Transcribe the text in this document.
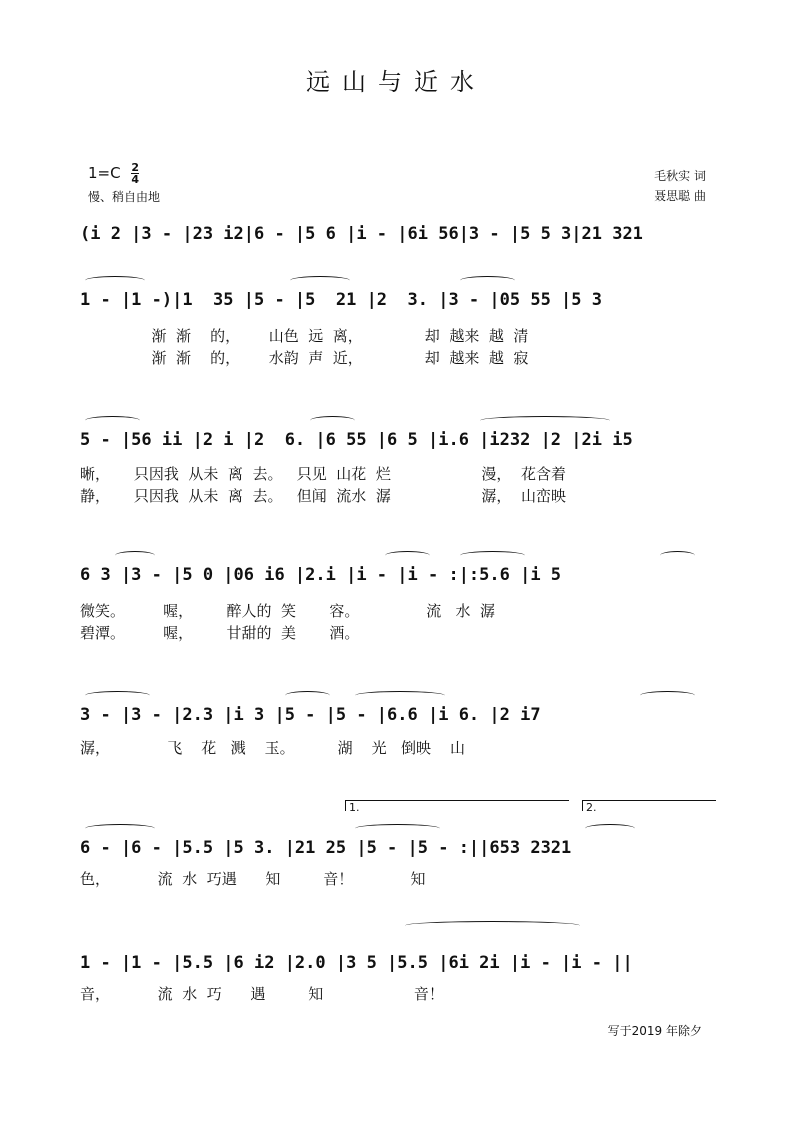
远山与近水
$1=C \frac{2}{4}$
慢、稍自由地
毛秋实 词
聂思聪 曲

(i 2 |3 - |23 i2|6 - |5 6 |i - |6i 56|3 - |5 5 3|21 321

1 - |1 -)|1  35 |5 - |5  21 |2  3. |3 - |05 55 |5 3

渐  渐    的，      山色  远  离，             却  越来  越  清
渐  渐    的，      水韵  声  近，             却  越来  越  寂

5 - |56 ii |2 i |2  6. |6 55 |6 5 |i.6 |i232 |2 |2i i5

晰，     只因我  从未  离  去。   只见  山花  烂                   漫，  花含着
静，     只因我  从未  离  去。   但闻  流水  潺                   潺，  山峦映

6 3 |3 - |5 0 |06 i6 |2.i |i - |i - :|:5.6 |i 5

微笑。        喔，       醉人的  笑       容。              流   水  潺
碧潭。        喔，       甘甜的  美       酒。

3 - |3 - |2.3 |i 3 |5 - |5 - |6.6 |i 6. |2 i7

潺，            飞    花   溅    玉。         湖    光   倒映    山
1.	2.

6 - |6 - |5.5 |5 3. |21 25 |5 - |5 - :||653 2321

色，          流  水  巧遇      知         音！            知

1 - |1 - |5.5 |6 i2 |2.0 |3 5 |5.5 |6i 2i |i - |i - ||

音，          流  水  巧      遇         知                   音！
写于2019 年除夕
